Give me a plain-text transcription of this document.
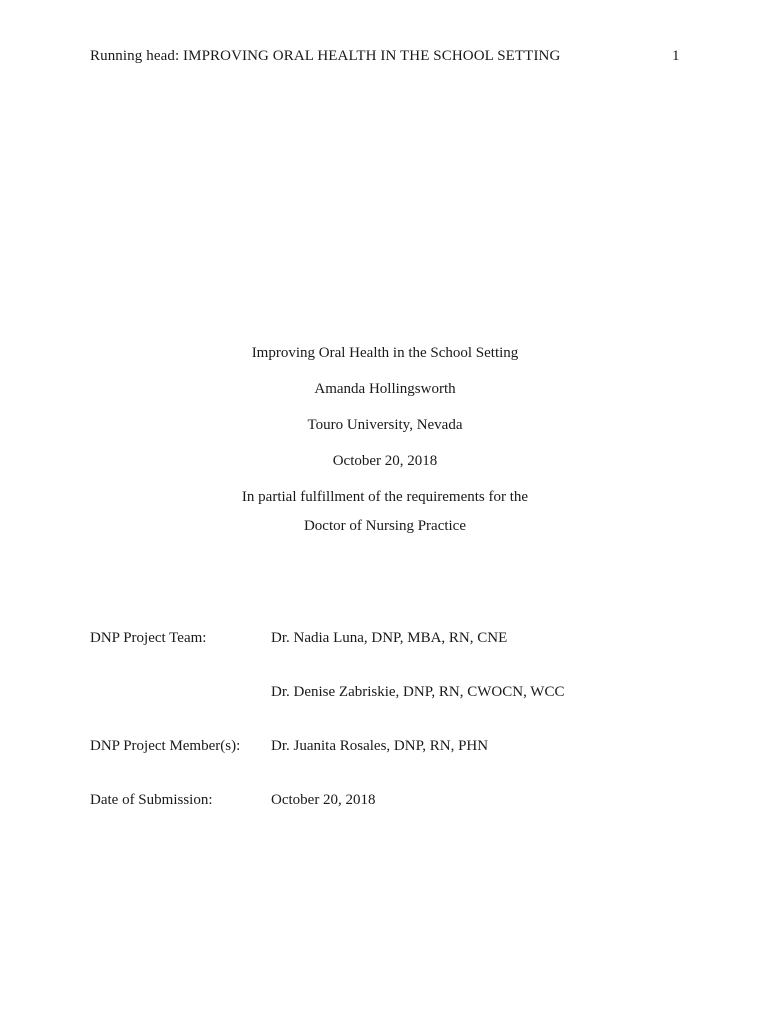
Running head: IMPROVING ORAL HEALTH IN THE SCHOOL SETTING	1
Improving Oral Health in the School Setting
Amanda Hollingsworth
Touro University, Nevada
October 20, 2018
In partial fulfillment of the requirements for the
Doctor of Nursing Practice
DNP Project Team:	Dr. Nadia Luna, DNP, MBA, RN, CNE
Dr. Denise Zabriskie, DNP, RN, CWOCN, WCC
DNP Project Member(s): Dr. Juanita Rosales, DNP, RN, PHN
Date of Submission:	October 20, 2018
